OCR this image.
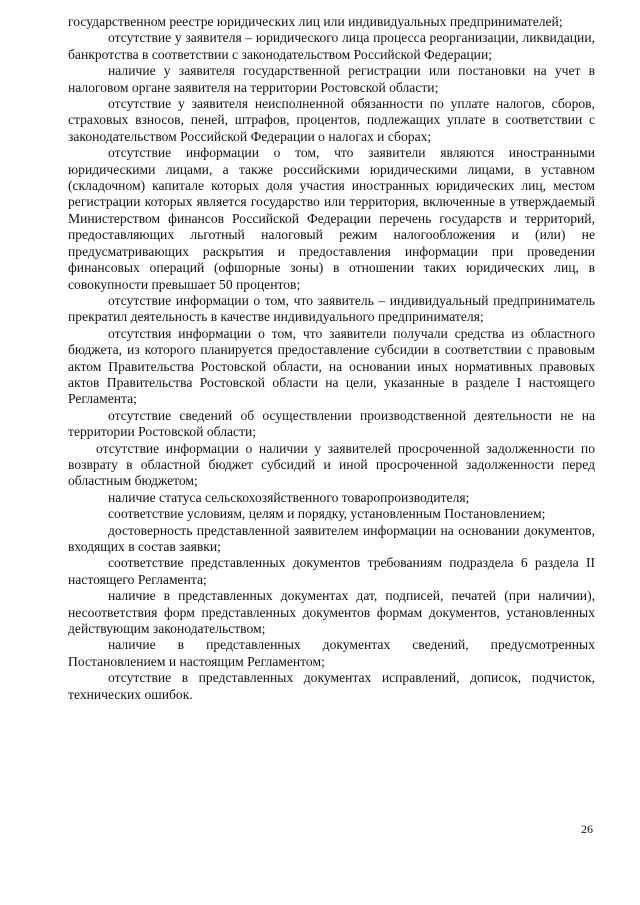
государственном реестре юридических лиц или индивидуальных предпринимателей;

отсутствие у заявителя – юридического лица процесса реорганизации, ликвидации, банкротства в соответствии с законодательством Российской Федерации;

наличие у заявителя государственной регистрации или постановки на учет в налоговом органе заявителя на территории Ростовской области;

отсутствие у заявителя неисполненной обязанности по уплате налогов, сборов, страховых взносов, пеней, штрафов, процентов, подлежащих уплате в соответствии с законодательством Российской Федерации о налогах и сборах;

отсутствие информации о том, что заявители являются иностранными юридическими лицами, а также российскими юридическими лицами, в уставном (складочном) капитале которых доля участия иностранных юридических лиц, местом регистрации которых является государство или территория, включенные в утверждаемый Министерством финансов Российской Федерации перечень государств и территорий, предоставляющих льготный налоговый режим налогообложения и (или) не предусматривающих раскрытия и предоставления информации при проведении финансовых операций (офшорные зоны) в отношении таких юридических лиц, в совокупности превышает 50 процентов;

отсутствие информации о том, что заявитель – индивидуальный предприниматель прекратил деятельность в качестве индивидуального предпринимателя;

отсутствия информации о том, что заявители получали средства из областного бюджета, из которого планируется предоставление субсидии в соответствии с правовым актом Правительства Ростовской области, на основании иных нормативных правовых актов Правительства Ростовской области на цели, указанные в разделе I настоящего Регламента;

отсутствие сведений об осуществлении производственной деятельности не на территории Ростовской области;

отсутствие информации о наличии у заявителей просроченной задолженности по возврату в областной бюджет субсидий и иной просроченной задолженности перед областным бюджетом;

наличие статуса сельскохозяйственного товаропроизводителя;

соответствие условиям, целям и порядку, установленным Постановлением;

достоверность представленной заявителем информации на основании документов, входящих в состав заявки;

соответствие представленных документов требованиям подраздела 6 раздела II настоящего Регламента;

наличие в представленных документах дат, подписей, печатей (при наличии), несоответствия форм представленных документов формам документов, установленных действующим законодательством;

наличие в представленных документах сведений, предусмотренных Постановлением и настоящим Регламентом;

отсутствие в представленных документах исправлений, дописок, подчисток, технических ошибок.

26
